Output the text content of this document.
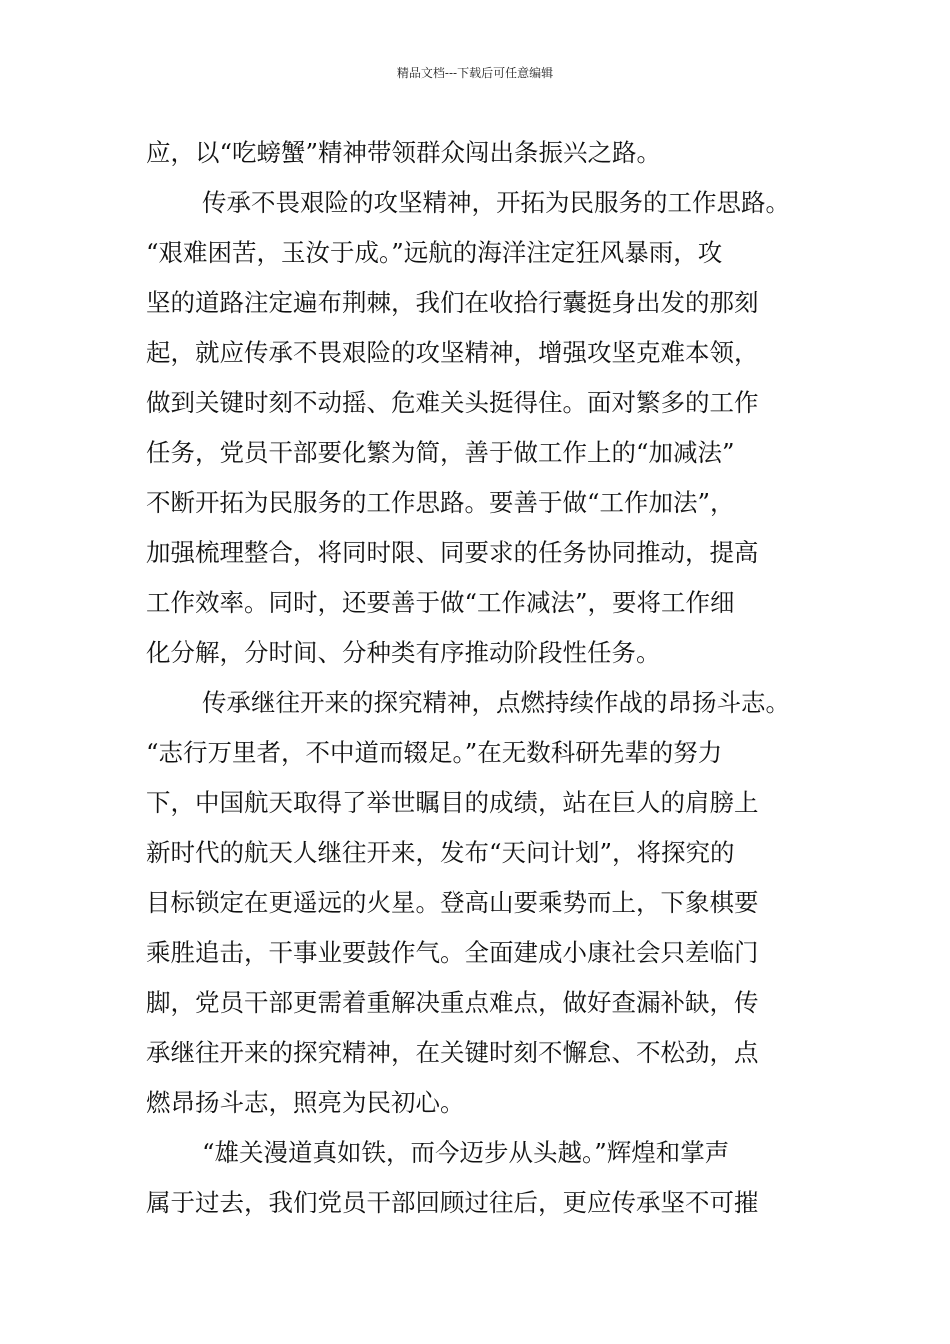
精品文档---下载后可任意编辑
应，以“吃螃蟹”精神带领群众闯出条振兴之路。
传承不畏艰险的攻坚精神，开拓为民服务的工作思路。
“艰难困苦，玉汝于成。”远航的海洋注定狂风暴雨，攻
坚的道路注定遍布荆棘，我们在收拾行囊挺身出发的那刻
起，就应传承不畏艰险的攻坚精神，增强攻坚克难本领，
做到关键时刻不动摇、危难关头挺得住。面对繁多的工作
任务，党员干部要化繁为简，善于做工作上的“加减法”
不断开拓为民服务的工作思路。要善于做“工作加法”，
加强梳理整合，将同时限、同要求的任务协同推动，提高
工作效率。同时，还要善于做“工作减法”，要将工作细
化分解，分时间、分种类有序推动阶段性任务。
传承继往开来的探究精神，点燃持续作战的昂扬斗志。
“志行万里者，不中道而辍足。”在无数科研先辈的努力
下，中国航天取得了举世瞩目的成绩，站在巨人的肩膀上
新时代的航天人继往开来，发布“天问计划”，将探究的
目标锁定在更遥远的火星。登高山要乘势而上，下象棋要
乘胜追击，干事业要鼓作气。全面建成小康社会只差临门
脚，党员干部更需着重解决重点难点，做好查漏补缺，传
承继往开来的探究精神，在关键时刻不懈怠、不松劲，点
燃昂扬斗志，照亮为民初心。
“雄关漫道真如铁，而今迈步从头越。”辉煌和掌声
属于过去，我们党员干部回顾过往后，更应传承坚不可摧
